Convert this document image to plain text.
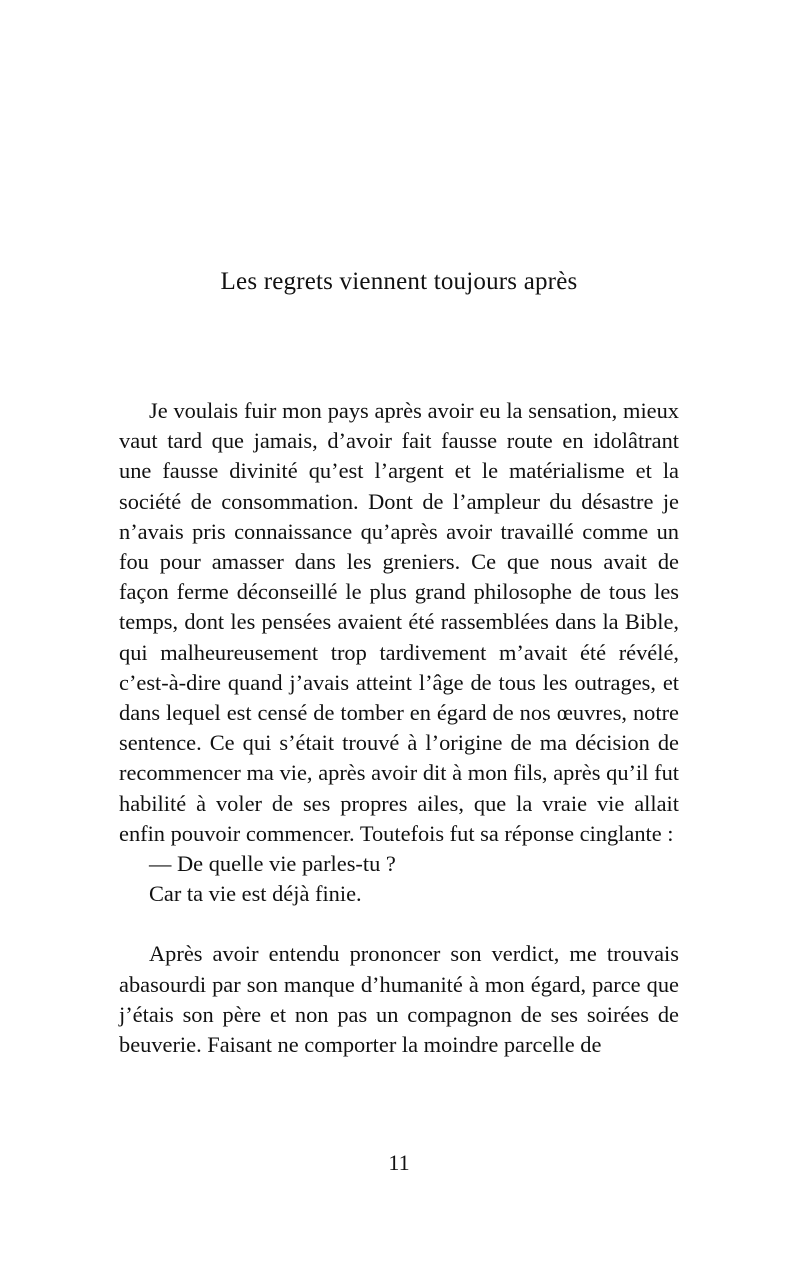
Les regrets viennent toujours après

Je voulais fuir mon pays après avoir eu la sensation, mieux vaut tard que jamais, d’avoir fait fausse route en idolâtrant une fausse divinité qu’est l’argent et le matérialisme et la société de consommation. Dont de l’ampleur du désastre je n’avais pris connaissance qu’après avoir travaillé comme un fou pour amasser dans les greniers. Ce que nous avait de façon ferme déconseillé le plus grand philosophe de tous les temps, dont les pensées avaient été rassemblées dans la Bible, qui malheureusement trop tardivement m’avait été révélé, c’est-à-dire quand j’avais atteint l’âge de tous les outrages, et dans lequel est censé de tomber en égard de nos œuvres, notre sentence. Ce qui s’était trouvé à l’origine de ma décision de recommencer ma vie, après avoir dit à mon fils, après qu’il fut habilité à voler de ses propres ailes, que la vraie vie allait enfin pouvoir commencer. Toutefois fut sa réponse cinglante :

— De quelle vie parles-tu ?

Car ta vie est déjà finie.

Après avoir entendu prononcer son verdict, me trouvais abasourdi par son manque d’humanité à mon égard, parce que j’étais son père et non pas un compagnon de ses soirées de beuverie. Faisant ne comporter la moindre parcelle de

11
